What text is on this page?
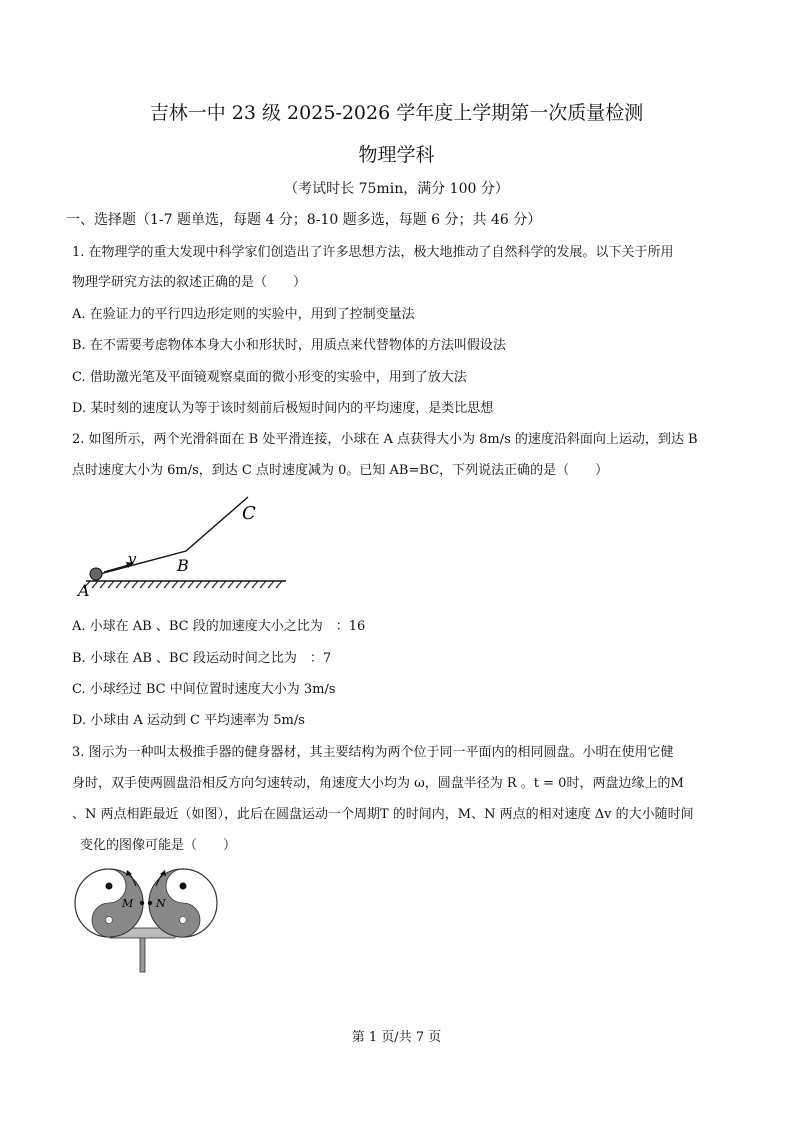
吉林一中 23 级 2025-2026 学年度上学期第一次质量检测
物理学科
（考试时长 75min，满分 100 分）
一、选择题（1-7 题单选，每题 4 分；8-10 题多选，每题 6 分；共 46 分）
1. 在物理学的重大发现中科学家们创造出了许多思想方法，极大地推动了自然科学的发展。以下关于所用
物理学研究方法的叙述正确的是（　　）
A. 在验证力的平行四边形定则的实验中，用到了控制变量法
B. 在不需要考虑物体本身大小和形状时，用质点来代替物体的方法叫假设法
C. 借助激光笔及平面镜观察桌面的微小形变的实验中，用到了放大法
D. 某时刻的速度认为等于该时刻前后极短时间内的平均速度，是类比思想
2. 如图所示，两个光滑斜面在 B 处平滑连接，小球在 A 点获得大小为 8m/s 的速度沿斜面向上运动，到达 B
点时速度大小为 6m/s，到达 C 点时速度减为 0。已知 AB=BC，下列说法正确的是（　　）
v
A
B
C
A. 小球在 AB 、BC 段的加速度大小之比为　：16
B. 小球在 AB 、BC 段运动时间之比为　：7
C. 小球经过 BC 中间位置时速度大小为 3m/s
D. 小球由 A 运动到 C 平均速率为 5m/s
3. 图示为一种叫太极推手器的健身器材，其主要结构为两个位于同一平面内的相同圆盘。小明在使用它健
身时，双手使两圆盘沿相反方向匀速转动，角速度大小均为 ω，圆盘半径为 R 。t = 0时，两盘边缘上的M
、N 两点相距最近（如图），此后在圆盘运动一个周期T 的时间内，M、N 两点的相对速度 Δv 的大小随时间
变化的图像可能是（　　）
M N
第 1 页/共 7 页
